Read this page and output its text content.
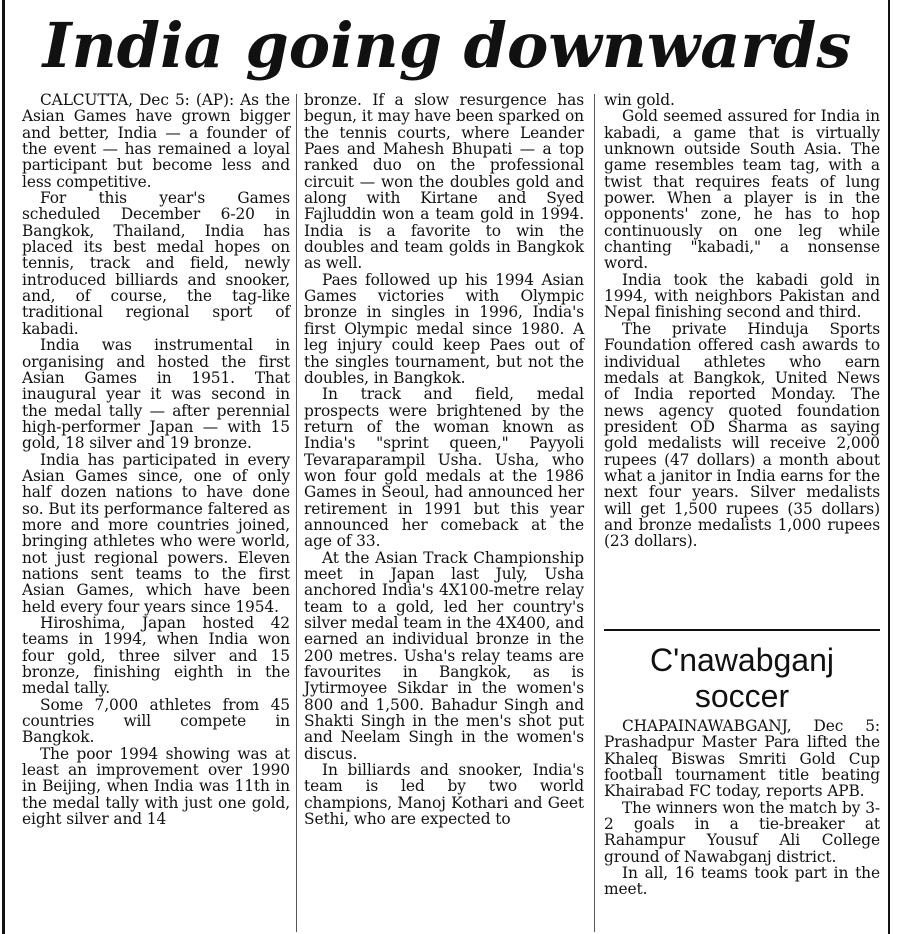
India going downwards

CALCUTTA, Dec 5: (AP): As the Asian Games have grown bigger and better, India — a founder of the event — has remained a loyal participant but become less and less competitive.

For this year's Games scheduled December 6-20 in Bangkok, Thailand, India has placed its best medal hopes on tennis, track and field, newly introduced billiards and snooker, and, of course, the tag-like traditional regional sport of kabadi.

India was instrumental in organising and hosted the first Asian Games in 1951. That inaugural year it was second in the medal tally — after perennial high-performer Japan — with 15 gold, 18 silver and 19 bronze.

India has participated in every Asian Games since, one of only half dozen nations to have done so. But its performance faltered as more and more countries joined, bringing athletes who were world, not just regional powers. Eleven nations sent teams to the first Asian Games, which have been held every four years since 1954.

Hiroshima, Japan hosted 42 teams in 1994, when India won four gold, three silver and 15 bronze, finishing eighth in the medal tally.

Some 7,000 athletes from 45 countries will compete in Bangkok.

The poor 1994 showing was at least an improvement over 1990 in Beijing, when India was 11th in the medal tally with just one gold, eight silver and 14

bronze. If a slow resurgence has begun, it may have been sparked on the tennis courts, where Leander Paes and Mahesh Bhupati — a top ranked duo on the professional circuit — won the doubles gold and along with Kirtane and Syed Fajluddin won a team gold in 1994. India is a favorite to win the doubles and team golds in Bangkok as well.

Paes followed up his 1994 Asian Games victories with Olympic bronze in singles in 1996, India's first Olympic medal since 1980. A leg injury could keep Paes out of the singles tournament, but not the doubles, in Bangkok.

In track and field, medal prospects were brightened by the return of the woman known as India's "sprint queen," Payyoli Tevaraparampil Usha. Usha, who won four gold medals at the 1986 Games in Seoul, had announced her retirement in 1991 but this year announced her comeback at the age of 33.

At the Asian Track Championship meet in Japan last July, Usha anchored India's 4X100-metre relay team to a gold, led her country's silver medal team in the 4X400, and earned an individual bronze in the 200 metres. Usha's relay teams are favourites in Bangkok, as is Jytirmoyee Sikdar in the women's 800 and 1,500. Bahadur Singh and Shakti Singh in the men's shot put and Neelam Singh in the women's discus.

In billiards and snooker, India's team is led by two world champions, Manoj Kothari and Geet Sethi, who are expected to

win gold.

Gold seemed assured for India in kabadi, a game that is virtually unknown outside South Asia. The game resembles team tag, with a twist that requires feats of lung power. When a player is in the opponents' zone, he has to hop continuously on one leg while chanting "kabadi," a nonsense word.

India took the kabadi gold in 1994, with neighbors Pakistan and Nepal finishing second and third.

The private Hinduja Sports Foundation offered cash awards to individual athletes who earn medals at Bangkok, United News of India reported Monday. The news agency quoted foundation president OD Sharma as saying gold medalists will receive 2,000 rupees (47 dollars) a month about what a janitor in India earns for the next four years. Silver medalists will get 1,500 rupees (35 dollars) and bronze medalists 1,000 rupees (23 dollars).

C'nawabganj soccer

CHAPAINAWABGANJ, Dec 5: Prashadpur Master Para lifted the Khaleq Biswas Smriti Gold Cup football tournament title beating Khairabad FC today, reports APB.

The winners won the match by 3-2 goals in a tie-breaker at Rahampur Yousuf Ali College ground of Nawabganj district.

In all, 16 teams took part in the meet.
